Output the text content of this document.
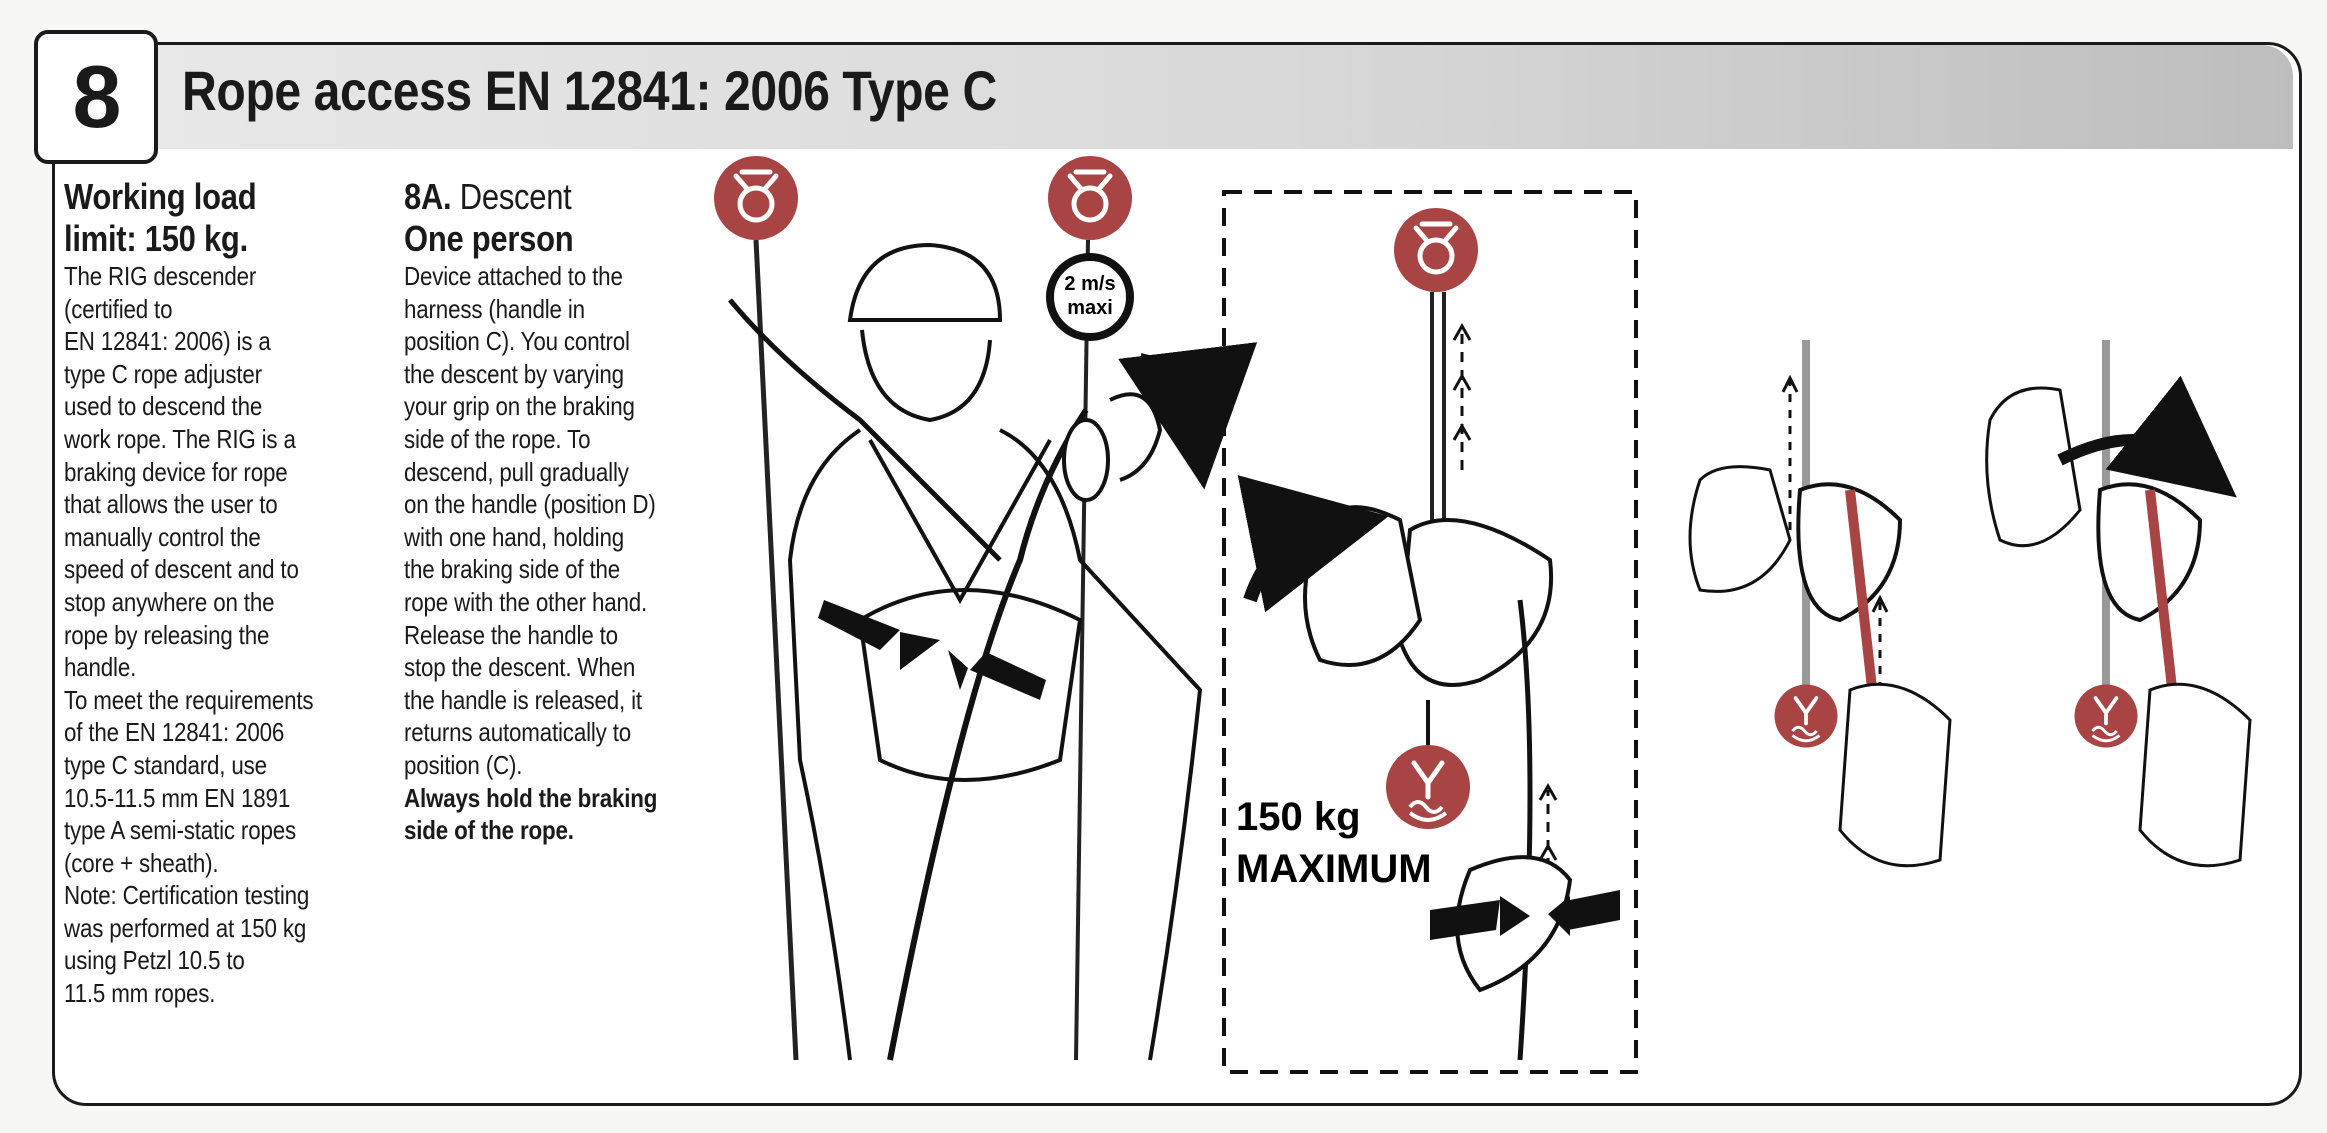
8	Rope access EN 12841: 2006 Type C
Working load
limit: 150 kg.

The RIG descender
(certified to
EN 12841: 2006) is a
type C rope adjuster
used to descend the
work rope. The RIG is a
braking device for rope
that allows the user to
manually control the
speed of descent and to
stop anywhere on the
rope by releasing the
handle.
To meet the requirements
of the EN 12841: 2006
type C standard, use
10.5-11.5 mm EN 1891
type A semi-static ropes
(core + sheath).
Note: Certification testing
was performed at 150 kg
using Petzl 10.5 to
11.5 mm ropes.

8A. Descent
One person

Device attached to the
harness (handle in
position C). You control
the descent by varying
your grip on the braking
side of the rope. To
descend, pull gradually
on the handle (position D)
with one hand, holding
the braking side of the
rope with the other hand.
Release the handle to
stop the descent. When
the handle is released, it
returns automatically to
position (C).
Always hold the braking
side of the rope.

2 m/s
maxi
150 kg
MAXIMUM
